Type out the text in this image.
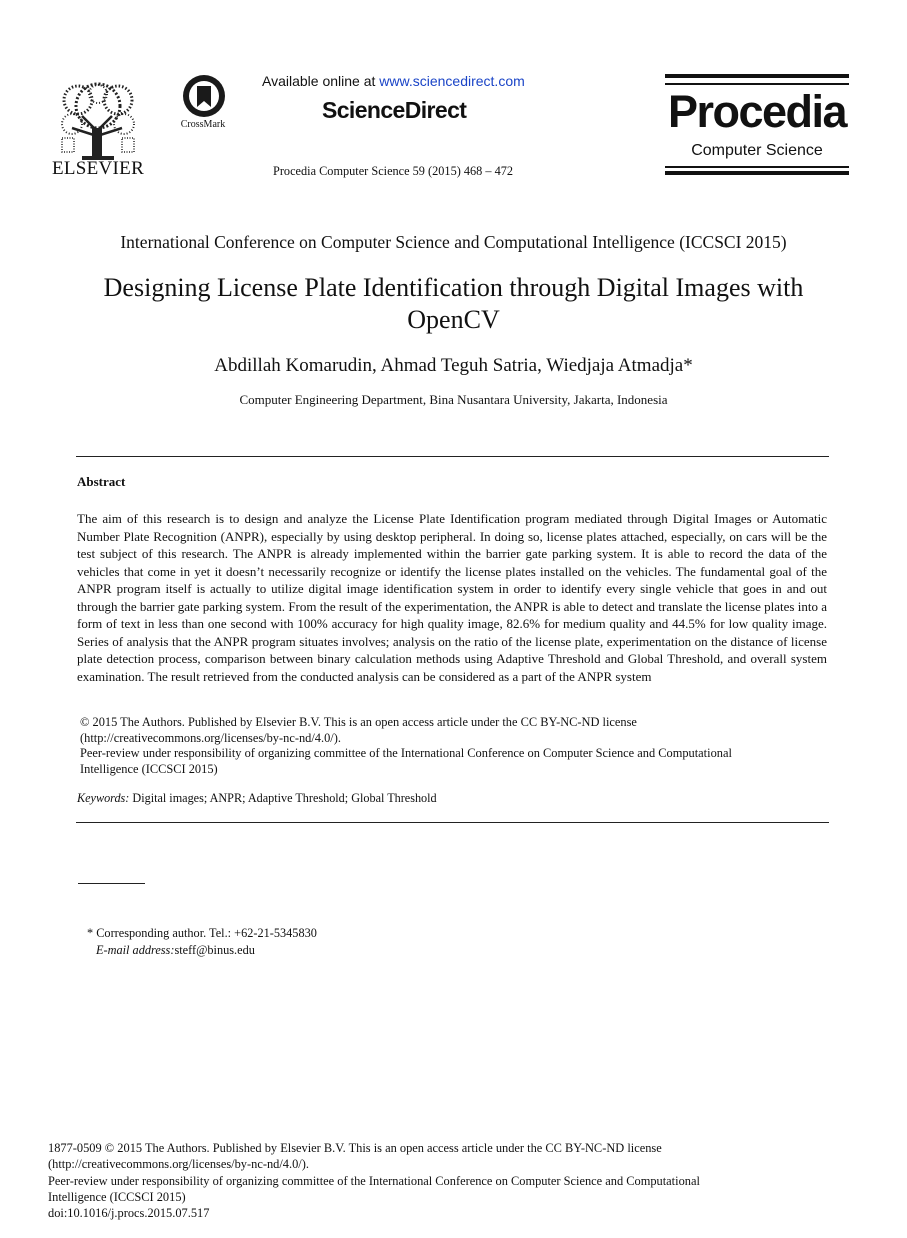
ELSEVIER
CrossMark
Available online at www.sciencedirect.com
ScienceDirect
Procedia Computer Science 59 (2015) 468 – 472
Procedia
Computer Science
International Conference on Computer Science and Computational Intelligence (ICCSCI 2015)
Designing License Plate Identification through Digital Images with
OpenCV
Abdillah Komarudin, Ahmad Teguh Satria, Wiedjaja Atmadja*
Computer Engineering Department, Bina Nusantara University, Jakarta, Indonesia
Abstract
The aim of this research is to design and analyze the License Plate Identification program mediated through Digital Images or Automatic Number Plate Recognition (ANPR), especially by using desktop peripheral. In doing so, license plates attached, especially, on cars will be the test subject of this research. The ANPR is already implemented within the barrier gate parking system. It is able to record the data of the vehicles that come in yet it doesn’t necessarily recognize or identify the license plates installed on the vehicles. The fundamental goal of the ANPR program itself is actually to utilize digital image identification system in order to identify every single vehicle that goes in and out through the barrier gate parking system. From the result of the experimentation, the ANPR is able to detect and translate the license plates into a form of text in less than one second with 100% accuracy for high quality image, 82.6% for medium quality and 44.5% for low quality image. Series of analysis that the ANPR program situates involves; analysis on the ratio of the license plate, experimentation on the distance of license plate detection process, comparison between binary calculation methods using Adaptive Threshold and Global Threshold, and overall system examination. The result retrieved from the conducted analysis can be considered as a part of the ANPR system

© 2015 The Authors. Published by Elsevier B.V. This is an open access article under the CC BY-NC-ND license

(http://creativecommons.org/licenses/by-nc-nd/4.0/).

Peer-review under responsibility of organizing committee of the International Conference on Computer Science and Computational

Intelligence (ICCSCI 2015)

Keywords: Digital images; ANPR; Adaptive Threshold; Global Threshold
* Corresponding author. Tel.: +62-21-5345830
E-mail address:steff@binus.edu

1877-0509 © 2015 The Authors. Published by Elsevier B.V. This is an open access article under the CC BY-NC-ND license

(http://creativecommons.org/licenses/by-nc-nd/4.0/).

Peer-review under responsibility of organizing committee of the International Conference on Computer Science and Computational

Intelligence (ICCSCI 2015)

doi:10.1016/j.procs.2015.07.517
